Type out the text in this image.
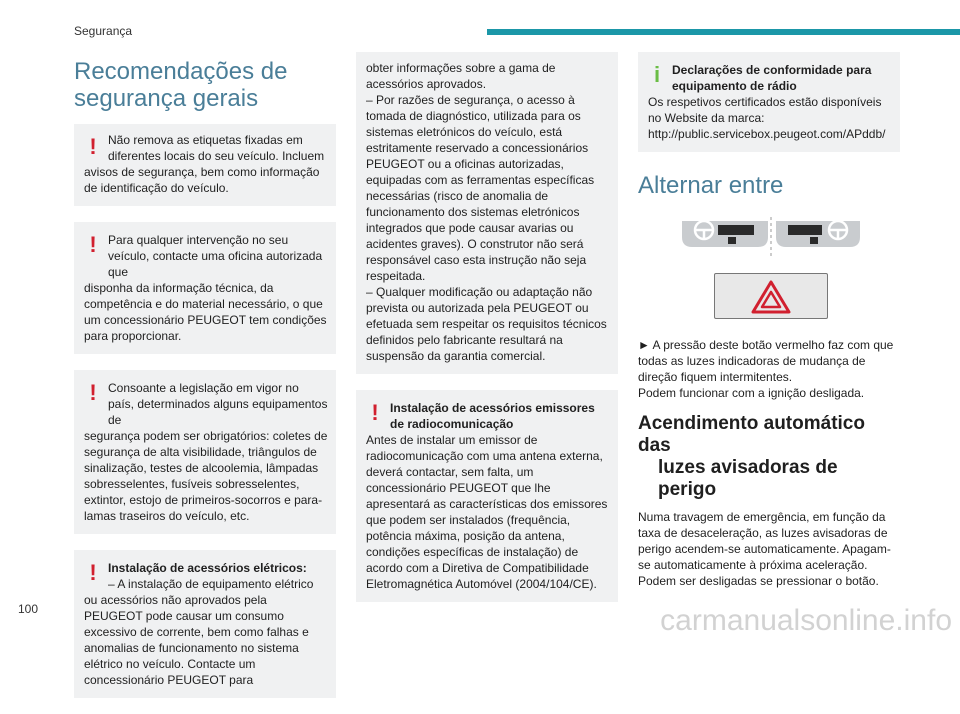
Segurança
Recomendações de segurança gerais
! Não remova as etiquetas fixadas em diferentes locais do seu veículo. Incluem

avisos de segurança, bem como informação de identificação do veículo.

! Para qualquer intervenção no seu veículo, contacte uma oficina autorizada que

disponha da informação técnica, da competência e do material necessário, o que um concessionário PEUGEOT tem condições para proporcionar.

! Consoante a legislação em vigor no país, determinados alguns equipamentos de

segurança podem ser obrigatórios: coletes de segurança de alta visibilidade, triângulos de sinalização, testes de alcoolemia, lâmpadas sobresselentes, fusíveis sobresselentes, extintor, estojo de primeiros-socorros e para-lamas traseiros do veículo, etc.

! Instalação de acessórios elétricos:

– A instalação de equipamento elétrico

ou acessórios não aprovados pela PEUGEOT pode causar um consumo excessivo de corrente, bem como falhas e anomalias de funcionamento no sistema elétrico no veículo. Contacte um concessionário PEUGEOT para

obter informações sobre a gama de acessórios aprovados.

– Por razões de segurança, o acesso à tomada de diagnóstico, utilizada para os sistemas eletrónicos do veículo, está estritamente reservado a concessionários PEUGEOT ou a oficinas autorizadas, equipadas com as ferramentas específicas necessárias (risco de anomalia de funcionamento dos sistemas eletrónicos integrados que pode causar avarias ou acidentes graves). O construtor não será responsável caso esta instrução não seja respeitada.

– Qualquer modificação ou adaptação não prevista ou autorizada pela PEUGEOT ou efetuada sem respeitar os requisitos técnicos definidos pelo fabricante resultará na suspensão da garantia comercial.

! Instalação de acessórios emissores de radiocomunicação

Antes de instalar um emissor de radiocomunicação com uma antena externa, deverá contactar, sem falta, um concessionário PEUGEOT que lhe apresentará as características dos emissores que podem ser instalados (frequência, potência máxima, posição da antena, condições específicas de instalação) de acordo com a Diretiva de Compatibilidade Eletromagnética Automóvel (2004/104/CE).

i Declarações de conformidade para equipamento de rádio

Os respetivos certificados estão disponíveis no Website da marca: http://public.servicebox.peugeot.com/APddb/

Alternar entre

► A pressão deste botão vermelho faz com que todas as luzes indicadoras de mudança de direção fiquem intermitentes.

Podem funcionar com a ignição desligada.

Acendimento automático das
luzes avisadoras de perigo

Numa travagem de emergência, em função da taxa de desaceleração, as luzes avisadoras de perigo acendem-se automaticamente. Apagam-se automaticamente à próxima aceleração.

Podem ser desligadas se pressionar o botão.

100	carmanualsonline.info
